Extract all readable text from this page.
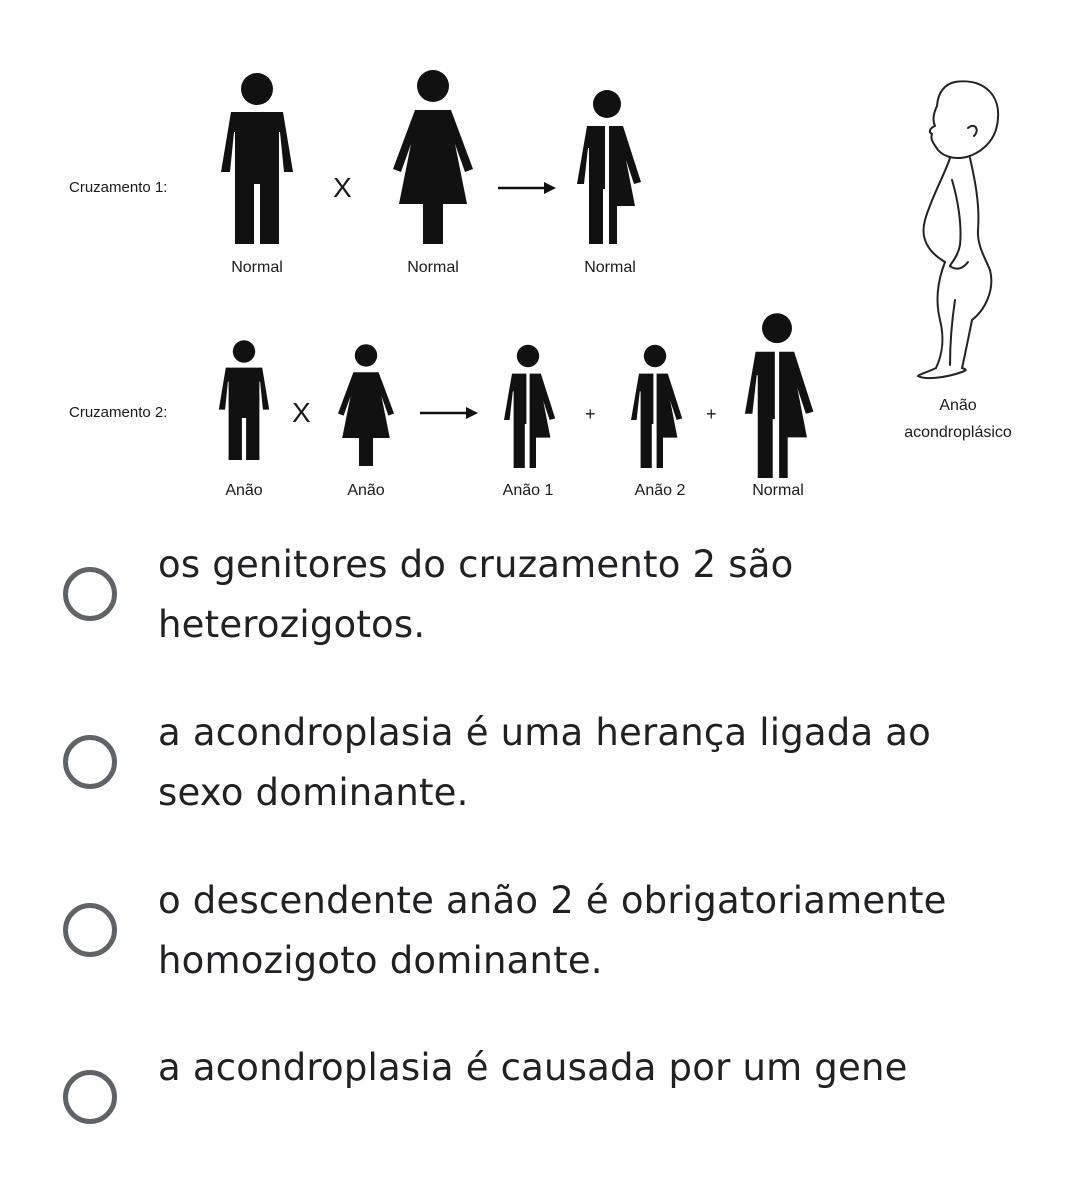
Cruzamento 1:	X
Normal	Normal	Normal
Cruzamento 2:	X	+	+
Anão	Anão	Anão 1	Anão 2	Normal
Anão
acondroplásico
os genitores do cruzamento 2 são
heterozigotos.
a acondroplasia é uma herança ligada ao
sexo dominante.
o descendente anão 2 é obrigatoriamente
homozigoto dominante.
a acondroplasia é causada por um gene
